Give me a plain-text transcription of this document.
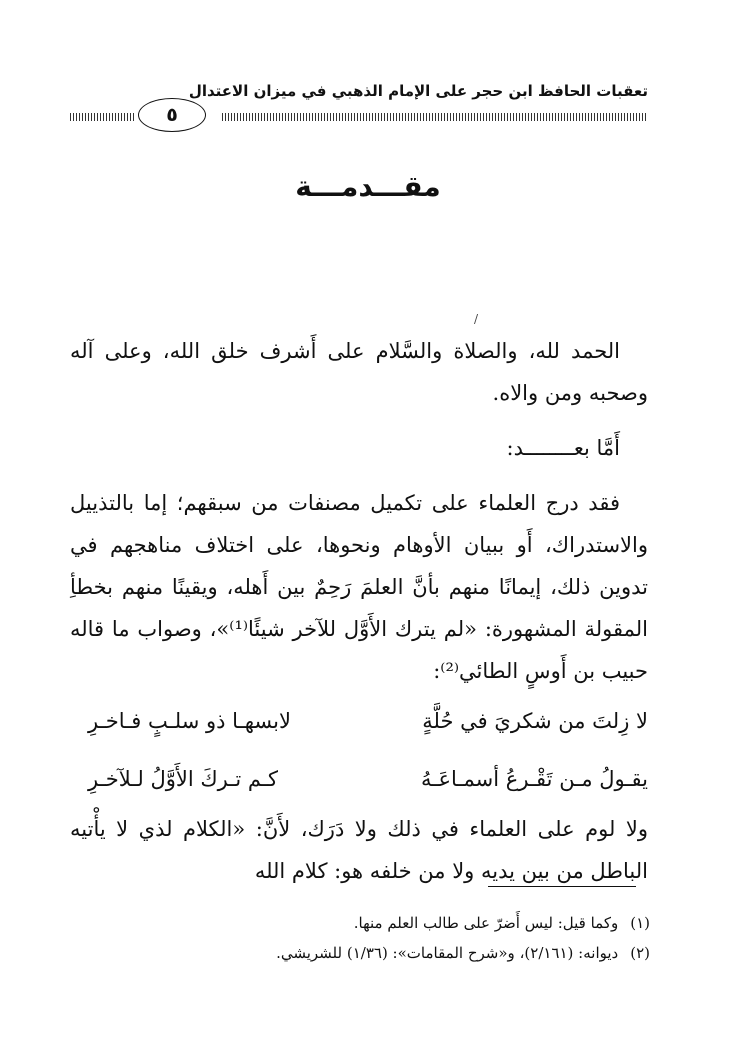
تعقبات الحافظ ابن حجر على الإمام الذهبي في ميزان الاعتدال
٥
مقـــدمـــة
/

الحمد لله، والصلاة والسَّلام على أَشرف خلق الله، وعلى آله وصحبه ومن والاه.

أَمَّا بعــــــــد:

فقد درج العلماء على تكميل مصنفات من سبقهم؛ إما بالتذييل والاستدراك، أَو ببيان الأوهام ونحوها، على اختلاف مناهجهم في تدوين ذلك، إيمانًا منهم بأنَّ العلمَ رَحِمٌ بين أَهله، ويقينًا منهم بخطأِ المقولة المشهورة: «لم يترك الأَوَّل للآخر شيئًا⁽¹⁾»، وصواب ما قاله حبيب بن أَوسٍ الطائي⁽²⁾:

لا زِلتَ من شكريَ في حُلَّةٍ
لابسهـا ذو سلـبٍ فـاخـرِ
يقـولُ مـن تَقْـرعُ أسمـاعَـهُ
كـم تـركَ الأَوَّلُ لـلآخـرِ

ولا لوم على العلماء في ذلك ولا دَرَك، لأَنَّ: «الكلام لذي لا يأْتيه الباطل من بين يديه ولا من خلفه هو: كلام الله

(١)
وكما قيل: ليس أَضرّ على طالب العلم منها.
(٢)
ديوانه: (٢/١٦١)، و«شرح المقامات»: (١/٣٦) للشريشي.
